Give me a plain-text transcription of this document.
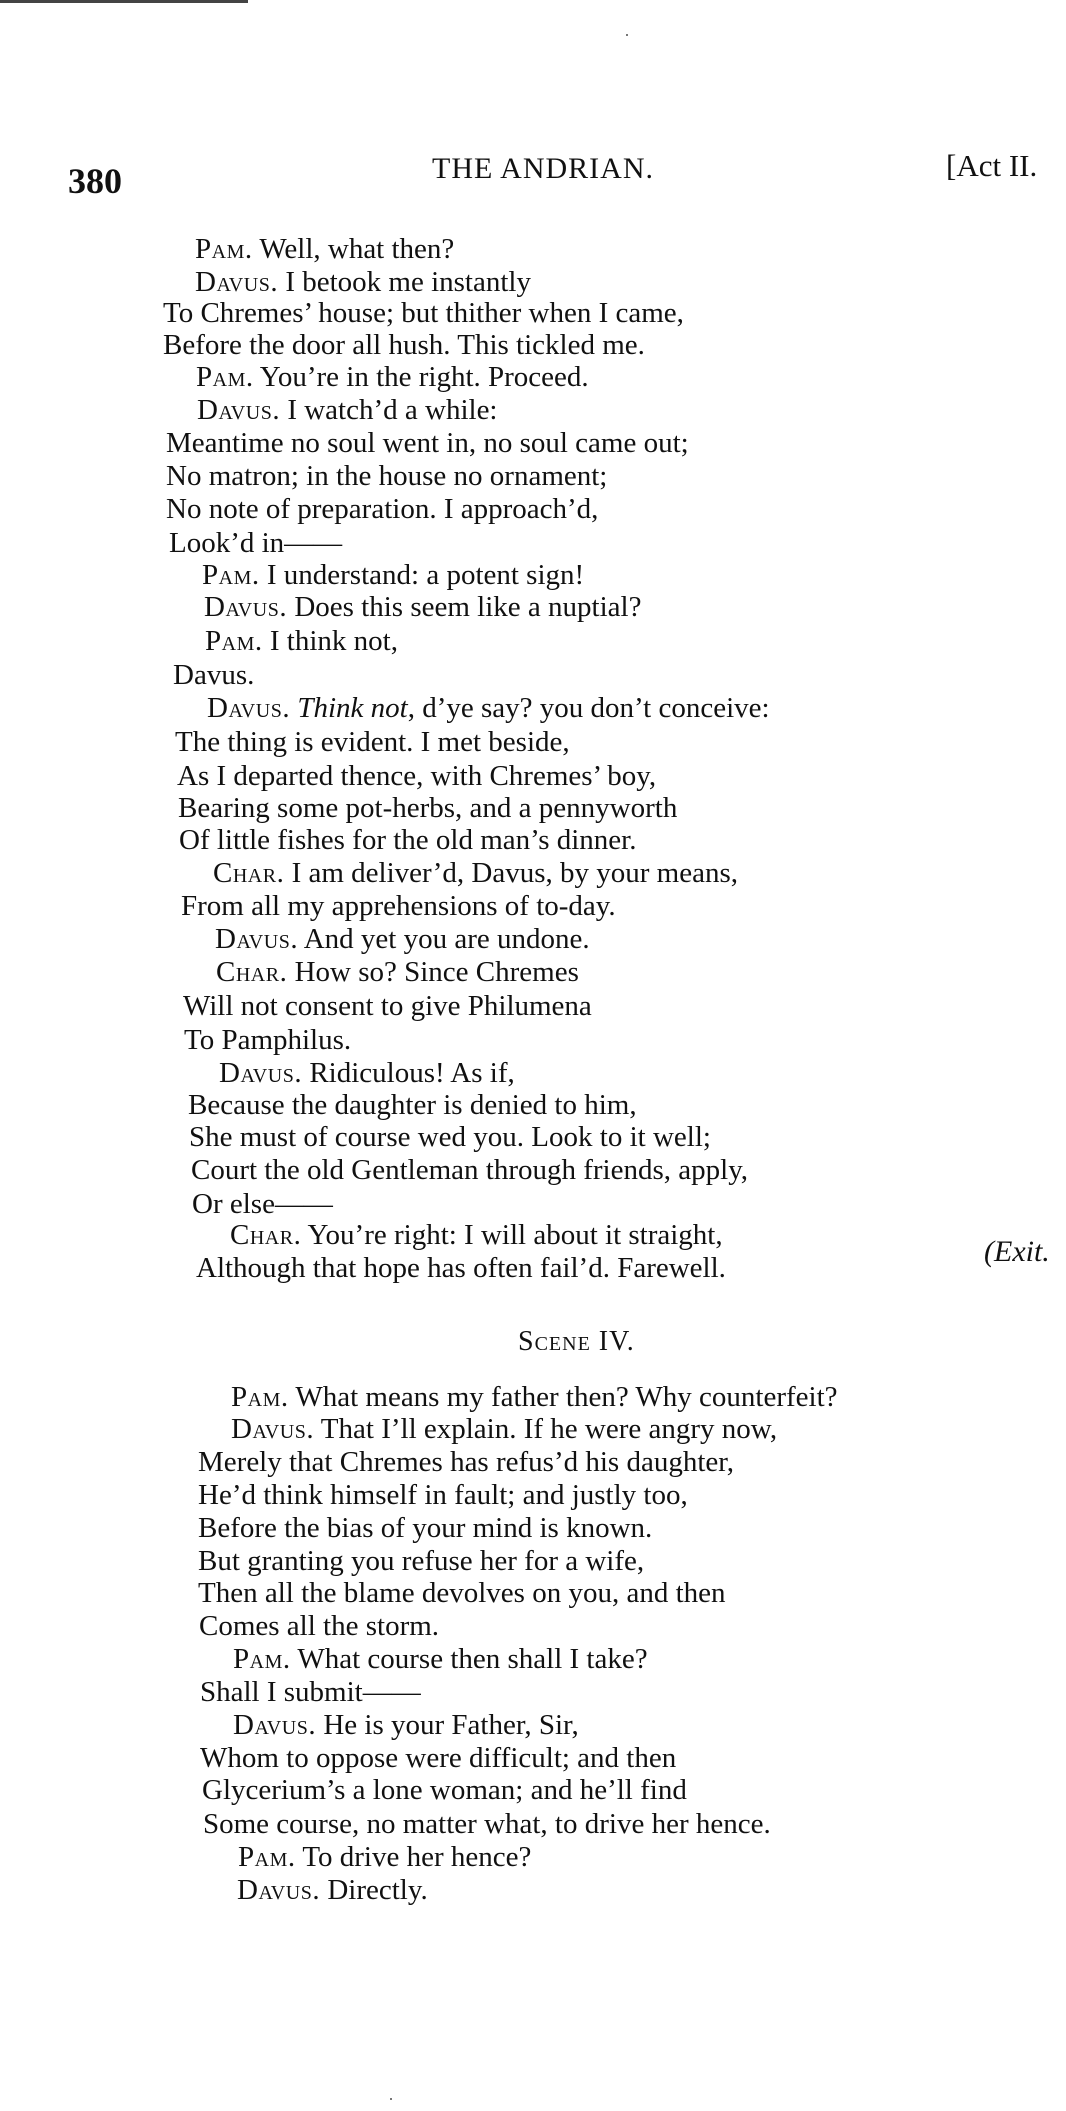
380	THE ANDRIAN.	[Act II.
Pam. Well, what then?
Davus. I betook me instantly
To Chremes’ house; but thither when I came,
Before the door all hush. This tickled me.
Pam. You’re in the right. Proceed.
Davus. I watch’d a while:
Meantime no soul went in, no soul came out;
No matron; in the house no ornament;
No note of preparation. I approach’d,
Look’d in——
Pam. I understand: a potent sign!
Davus. Does this seem like a nuptial?
Pam. I think not,
Davus.
Davus. Think not, d’ye say? you don’t conceive:
The thing is evident. I met beside,
As I departed thence, with Chremes’ boy,
Bearing some pot-herbs, and a pennyworth
Of little fishes for the old man’s dinner.
Char. I am deliver’d, Davus, by your means,
From all my apprehensions of to-day.
Davus. And yet you are undone.
Char. How so? Since Chremes
Will not consent to give Philumena
To Pamphilus.
Davus. Ridiculous! As if,
Because the daughter is denied to him,
She must of course wed you. Look to it well;
Court the old Gentleman through friends, apply,
Or else——
Char. You’re right: I will about it straight,
Although that hope has often fail’d. Farewell.	(Exit.
Scene IV.
Pam. What means my father then? Why counterfeit?
Davus. That I’ll explain. If he were angry now,
Merely that Chremes has refus’d his daughter,
He’d think himself in fault; and justly too,
Before the bias of your mind is known.
But granting you refuse her for a wife,
Then all the blame devolves on you, and then
Comes all the storm.
Pam. What course then shall I take?
Shall I submit——
Davus. He is your Father, Sir,
Whom to oppose were difficult; and then
Glycerium’s a lone woman; and he’ll find
Some course, no matter what, to drive her hence.
Pam. To drive her hence?
Davus. Directly.
